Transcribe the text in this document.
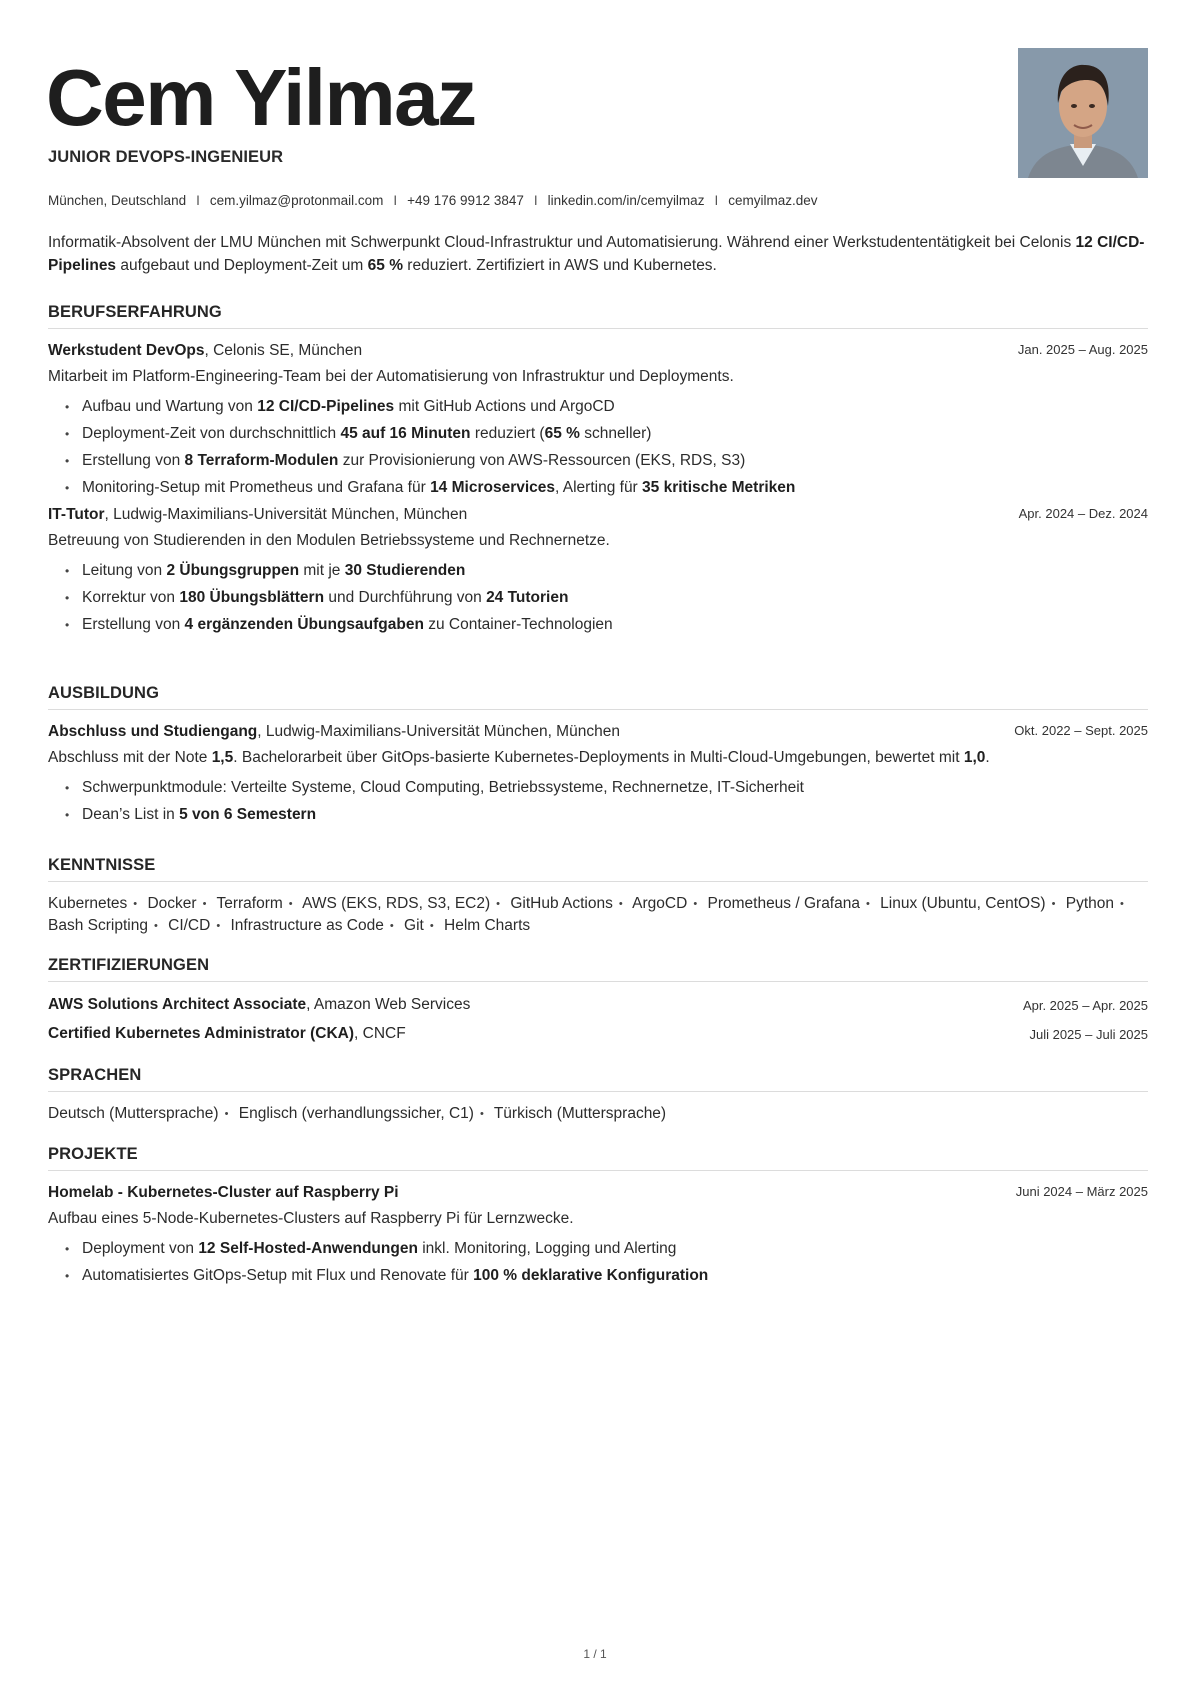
Cem Yilmaz
JUNIOR DEVOPS-INGENIEUR
München, Deutschland I cem.yilmaz@protonmail.com I +49 176 9912 3847 I linkedin.com/in/cemyilmaz I cemyilmaz.dev
Informatik-Absolvent der LMU München mit Schwerpunkt Cloud-Infrastruktur und Automatisierung. Während einer Werkstudententätigkeit bei Celonis 12 CI/CD-Pipelines aufgebaut und Deployment-Zeit um 65 % reduziert. Zertifiziert in AWS und Kubernetes.
BERUFSERFAHRUNG
Werkstudent DevOps, Celonis SE, München	Jan. 2025 – Aug. 2025
Mitarbeit im Platform-Engineering-Team bei der Automatisierung von Infrastruktur und Deployments.
• Aufbau und Wartung von 12 CI/CD-Pipelines mit GitHub Actions und ArgoCD
• Deployment-Zeit von durchschnittlich 45 auf 16 Minuten reduziert (65 % schneller)
• Erstellung von 8 Terraform-Modulen zur Provisionierung von AWS-Ressourcen (EKS, RDS, S3)
• Monitoring-Setup mit Prometheus und Grafana für 14 Microservices, Alerting für 35 kritische Metriken
IT-Tutor, Ludwig-Maximilians-Universität München, München	Apr. 2024 – Dez. 2024
Betreuung von Studierenden in den Modulen Betriebssysteme und Rechnernetze.
• Leitung von 2 Übungsgruppen mit je 30 Studierenden
• Korrektur von 180 Übungsblättern und Durchführung von 24 Tutorien
• Erstellung von 4 ergänzenden Übungsaufgaben zu Container-Technologien
AUSBILDUNG
Abschluss und Studiengang, Ludwig-Maximilians-Universität München, München	Okt. 2022 – Sept. 2025
Abschluss mit der Note 1,5. Bachelorarbeit über GitOps-basierte Kubernetes-Deployments in Multi-Cloud-Umgebungen, bewertet mit 1,0.
• Schwerpunktmodule: Verteilte Systeme, Cloud Computing, Betriebssysteme, Rechnernetze, IT-Sicherheit
• Dean’s List in 5 von 6 Semestern
KENNTNISSE
Kubernetes • Docker • Terraform • AWS (EKS, RDS, S3, EC2) • GitHub Actions • ArgoCD • Prometheus / Grafana • Linux (Ubuntu, CentOS) • Python • Bash Scripting • CI/CD • Infrastructure as Code • Git • Helm Charts
ZERTIFIZIERUNGEN
AWS Solutions Architect Associate, Amazon Web Services	Apr. 2025 – Apr. 2025
Certified Kubernetes Administrator (CKA), CNCF	Juli 2025 – Juli 2025
SPRACHEN
Deutsch (Muttersprache) • Englisch (verhandlungssicher, C1) • Türkisch (Muttersprache)
PROJEKTE
Homelab - Kubernetes-Cluster auf Raspberry Pi	Juni 2024 – März 2025
Aufbau eines 5-Node-Kubernetes-Clusters auf Raspberry Pi für Lernzwecke.
• Deployment von 12 Self-Hosted-Anwendungen inkl. Monitoring, Logging und Alerting
• Automatisiertes GitOps-Setup mit Flux und Renovate für 100 % deklarative Konfiguration
1 / 1
